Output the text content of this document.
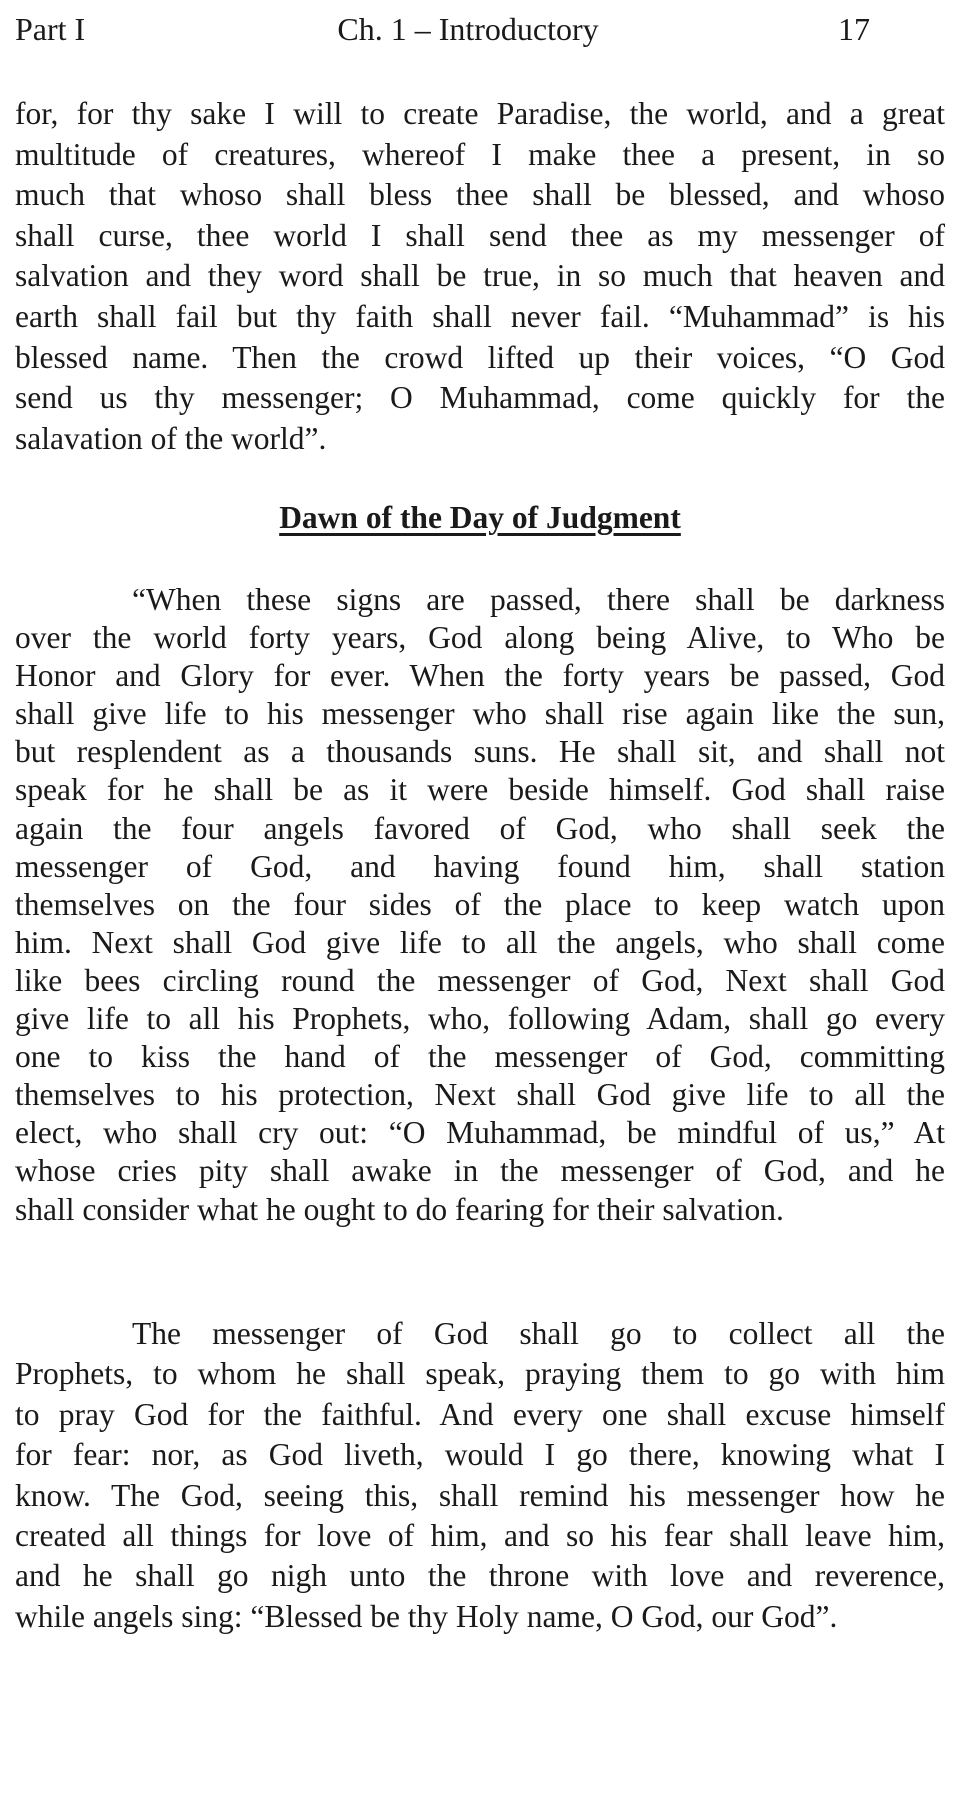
Part I	Ch. 1 – Introductory	17
for, for thy sake I will to create Paradise, the world, and a great
multitude of creatures, whereof I make thee a present, in so
much that whoso shall bless thee shall be blessed, and whoso
shall curse, thee world I shall send thee as my messenger of
salvation and they word shall be true, in so much that heaven and
earth shall fail but thy faith shall never fail. “Muhammad” is his
blessed name. Then the crowd lifted up their voices, “O God
send us thy messenger; O Muhammad, come quickly for the
salavation of the world”.
Dawn of the Day of Judgment
“When these signs are passed, there shall be darkness
over the world forty years, God along being Alive, to Who be
Honor and Glory for ever. When the forty years be passed, God
shall give life to his messenger who shall rise again like the sun,
but resplendent as a thousands suns. He shall sit, and shall not
speak for he shall be as it were beside himself. God shall raise
again the four angels favored of God, who shall seek the
messenger of God, and having found him, shall station
themselves on the four sides of the place to keep watch upon
him. Next shall God give life to all the angels, who shall come
like bees circling round the messenger of God, Next shall God
give life to all his Prophets, who, following Adam, shall go every
one to kiss the hand of the messenger of God, committing
themselves to his protection, Next shall God give life to all the
elect, who shall cry out: “O Muhammad, be mindful of us,” At
whose cries pity shall awake in the messenger of God, and he
shall consider what he ought to do fearing for their salvation.
The messenger of God shall go to collect all the
Prophets, to whom he shall speak, praying them to go with him
to pray God for the faithful. And every one shall excuse himself
for fear: nor, as God liveth, would I go there, knowing what I
know. The God, seeing this, shall remind his messenger how he
created all things for love of him, and so his fear shall leave him,
and he shall go nigh unto the throne with love and reverence,
while angels sing: “Blessed be thy Holy name, O God, our God”.
